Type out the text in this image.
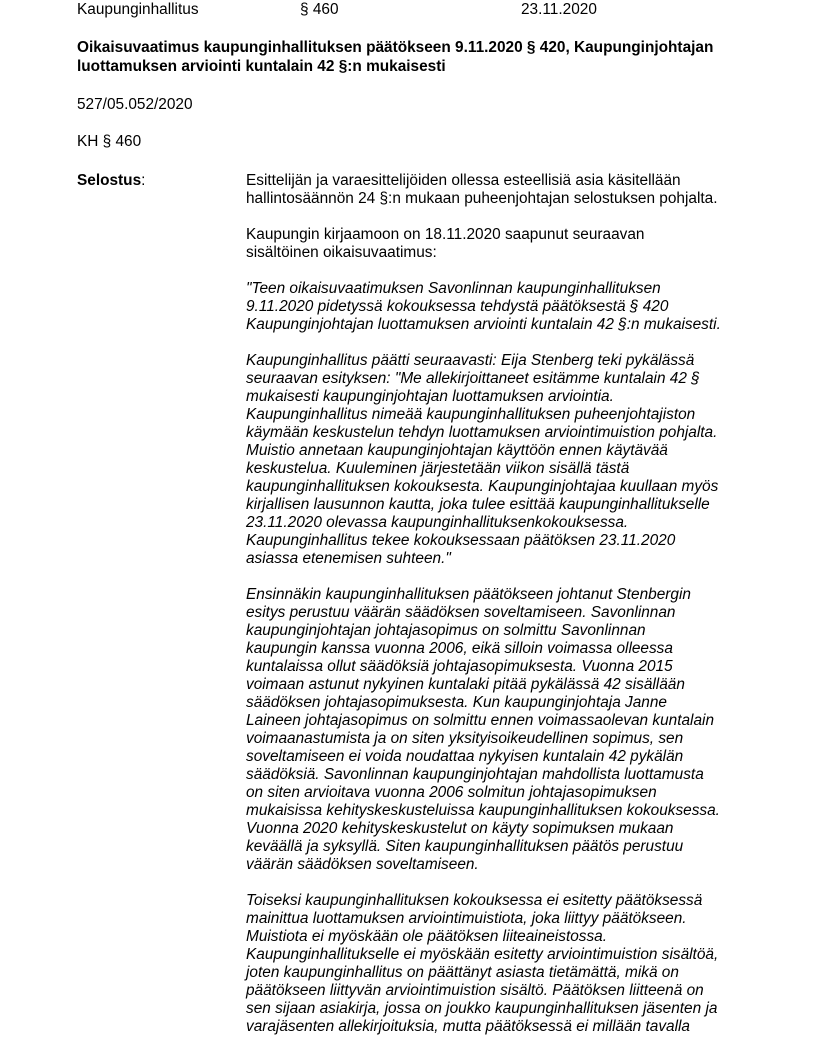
Kaupunginhallitus	§ 460	23.11.2020
Oikaisuvaatimus kaupunginhallituksen päätökseen 9.11.2020 § 420, Kaupunginjohtajan
luottamuksen arviointi kuntalain 42 §:n mukaisesti
527/05.052/2020
KH § 460
Selostus:	Esittelijän ja varaesittelijöiden ollessa esteellisiä asia käsitellään
hallintosäännön 24 §:n mukaan puheenjohtajan selostuksen pohjalta.
Kaupungin kirjaamoon on 18.11.2020 saapunut seuraavan
sisältöinen oikaisuvaatimus:
"Teen oikaisuvaatimuksen Savonlinnan kaupunginhallituksen
9.11.2020 pidetyssä kokouksessa tehdystä päätöksestä § 420
Kaupunginjohtajan luottamuksen arviointi kuntalain 42 §:n mukaisesti.
Kaupunginhallitus päätti seuraavasti: Eija Stenberg teki pykälässä
seuraavan esityksen: "Me allekirjoittaneet esitämme kuntalain 42 §
mukaisesti kaupunginjohtajan luottamuksen arviointia.
Kaupunginhallitus nimeää kaupunginhallituksen puheenjohtajiston
käymään keskustelun tehdyn luottamuksen arviointimuistion pohjalta.
Muistio annetaan kaupunginjohtajan käyttöön ennen käytävää
keskustelua. Kuuleminen järjestetään viikon sisällä tästä
kaupunginhallituksen kokouksesta. Kaupunginjohtajaa kuullaan myös
kirjallisen lausunnon kautta, joka tulee esittää kaupunginhallitukselle
23.11.2020 olevassa kaupunginhallituksenkokouksessa.
Kaupunginhallitus tekee kokouksessaan päätöksen 23.11.2020
asiassa etenemisen suhteen."
Ensinnäkin kaupunginhallituksen päätökseen johtanut Stenbergin
esitys perustuu väärän säädöksen soveltamiseen. Savonlinnan
kaupunginjohtajan johtajasopimus on solmittu Savonlinnan
kaupungin kanssa vuonna 2006, eikä silloin voimassa olleessa
kuntalaissa ollut säädöksiä johtajasopimuksesta. Vuonna 2015
voimaan astunut nykyinen kuntalaki pitää pykälässä 42 sisällään
säädöksen johtajasopimuksesta. Kun kaupunginjohtaja Janne
Laineen johtajasopimus on solmittu ennen voimassaolevan kuntalain
voimaanastumista ja on siten yksityisoikeudellinen sopimus, sen
soveltamiseen ei voida noudattaa nykyisen kuntalain 42 pykälän
säädöksiä. Savonlinnan kaupunginjohtajan mahdollista luottamusta
on siten arvioitava vuonna 2006 solmitun johtajasopimuksen
mukaisissa kehityskeskusteluissa kaupunginhallituksen kokouksessa.
Vuonna 2020 kehityskeskustelut on käyty sopimuksen mukaan
keväällä ja syksyllä. Siten kaupunginhallituksen päätös perustuu
väärän säädöksen soveltamiseen.
Toiseksi kaupunginhallituksen kokouksessa ei esitetty päätöksessä
mainittua luottamuksen arviointimuistiota, joka liittyy päätökseen.
Muistiota ei myöskään ole päätöksen liiteaineistossa.
Kaupunginhallitukselle ei myöskään esitetty arviointimuistion sisältöä,
joten kaupunginhallitus on päättänyt asiasta tietämättä, mikä on
päätökseen liittyvän arviointimuistion sisältö. Päätöksen liitteenä on
sen sijaan asiakirja, jossa on joukko kaupunginhallituksen jäsenten ja
varajäsenten allekirjoituksia, mutta päätöksessä ei millään tavalla
